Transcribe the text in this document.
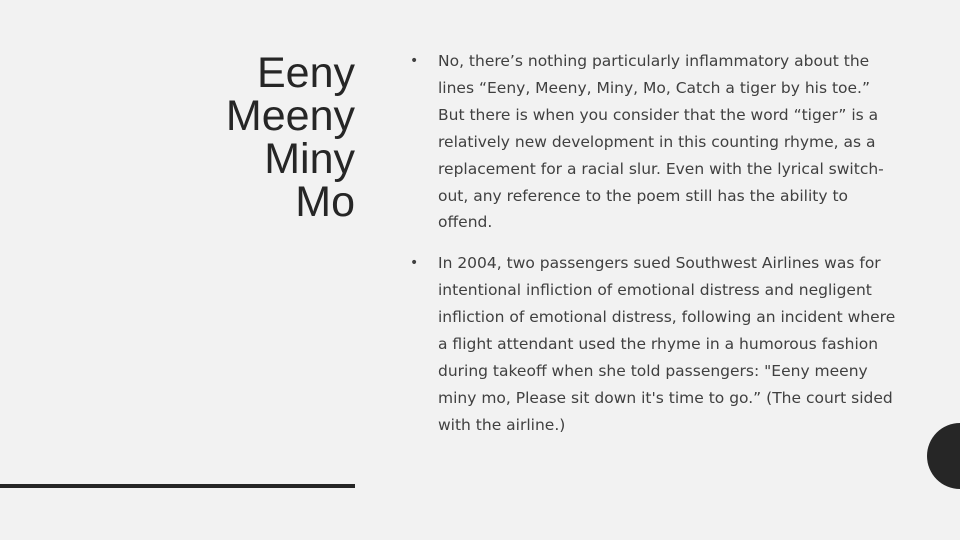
Eeny
Meeny
Miny
Mo
• No, there’s nothing particularly inflammatory about the lines “Eeny, Meeny, Miny, Mo, Catch a tiger by his toe.” But there is when you consider that the word “tiger” is a relatively new development in this counting rhyme, as a replacement for a racial slur. Even with the lyrical switch-out, any reference to the poem still has the ability to offend.
• In 2004, two passengers sued Southwest Airlines was for intentional infliction of emotional distress and negligent infliction of emotional distress, following an incident where a flight attendant used the rhyme in a humorous fashion during takeoff when she told passengers: "Eeny meeny miny mo, Please sit down it's time to go.” (The court sided with the airline.)
